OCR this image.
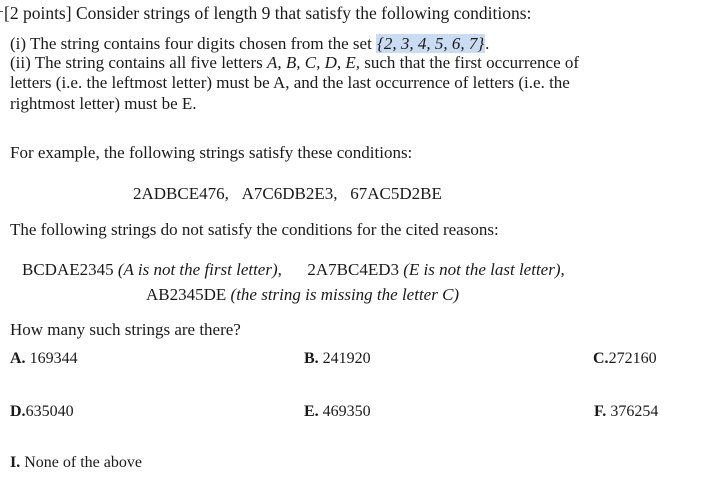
[2 points] Consider strings of length 9 that satisfy the following conditions:
(i) The string contains four digits chosen from the set {2, 3, 4, 5, 6, 7}.
(ii) The string contains all five letters A, B, C, D, E, such that the first occurrence of
letters (i.e. the leftmost letter) must be A, and the last occurrence of letters (i.e. the
rightmost letter) must be E.
For example, the following strings satisfy these conditions:
2ADBCE476, A7C6DB2E3, 67AC5D2BE
The following strings do not satisfy the conditions for the cited reasons:
BCDAE2345 (A is not the first letter), 2A7BC4ED3 (E is not the last letter),
AB2345DE (the string is missing the letter C)
How many such strings are there?
A. 169344	B. 241920	C.272160
D.635040	E. 469350	F. 376254
I. None of the above
